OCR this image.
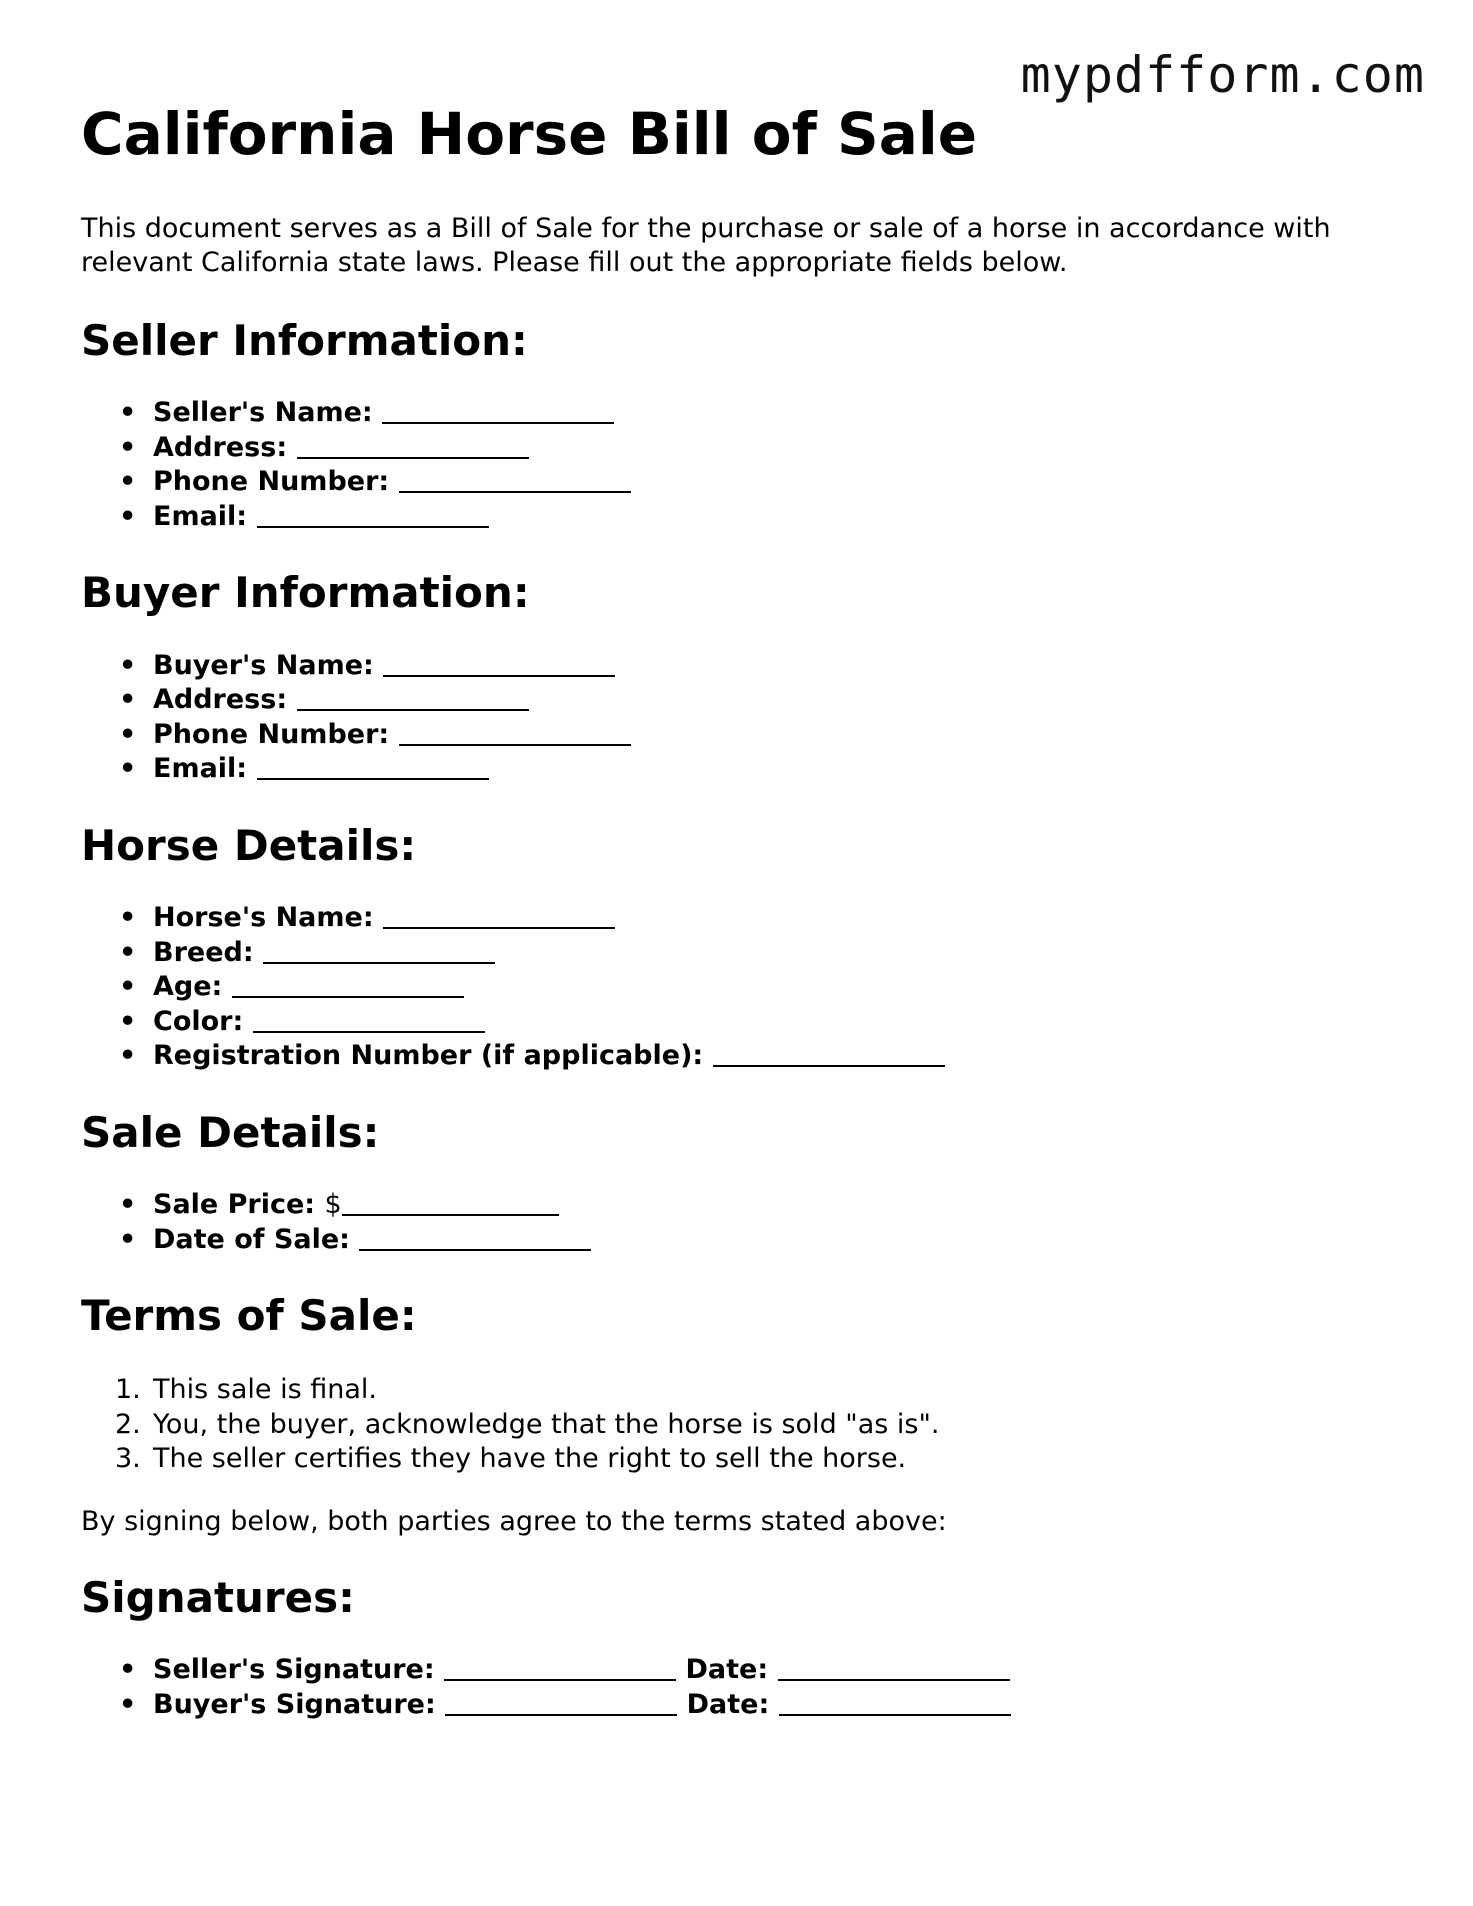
mypdfform.com
California Horse Bill of Sale

This document serves as a Bill of Sale for the purchase or sale of a horse in accordance with relevant California state laws. Please fill out the appropriate fields below.

Seller Information:
• Seller's Name:
• Address:
• Phone Number:
• Email:
Buyer Information:
• Buyer's Name:
• Address:
• Phone Number:
• Email:
Horse Details:
• Horse's Name:
• Breed:
• Age:
• Color:
• Registration Number (if applicable):
Sale Details:
• Sale Price: $
• Date of Sale:
Terms of Sale:
1. This sale is final.
2. You, the buyer, acknowledge that the horse is sold "as is".
3. The seller certifies they have the right to sell the horse.

By signing below, both parties agree to the terms stated above:

Signatures:
• Seller's Signature:	Date:
• Buyer's Signature:	Date:
